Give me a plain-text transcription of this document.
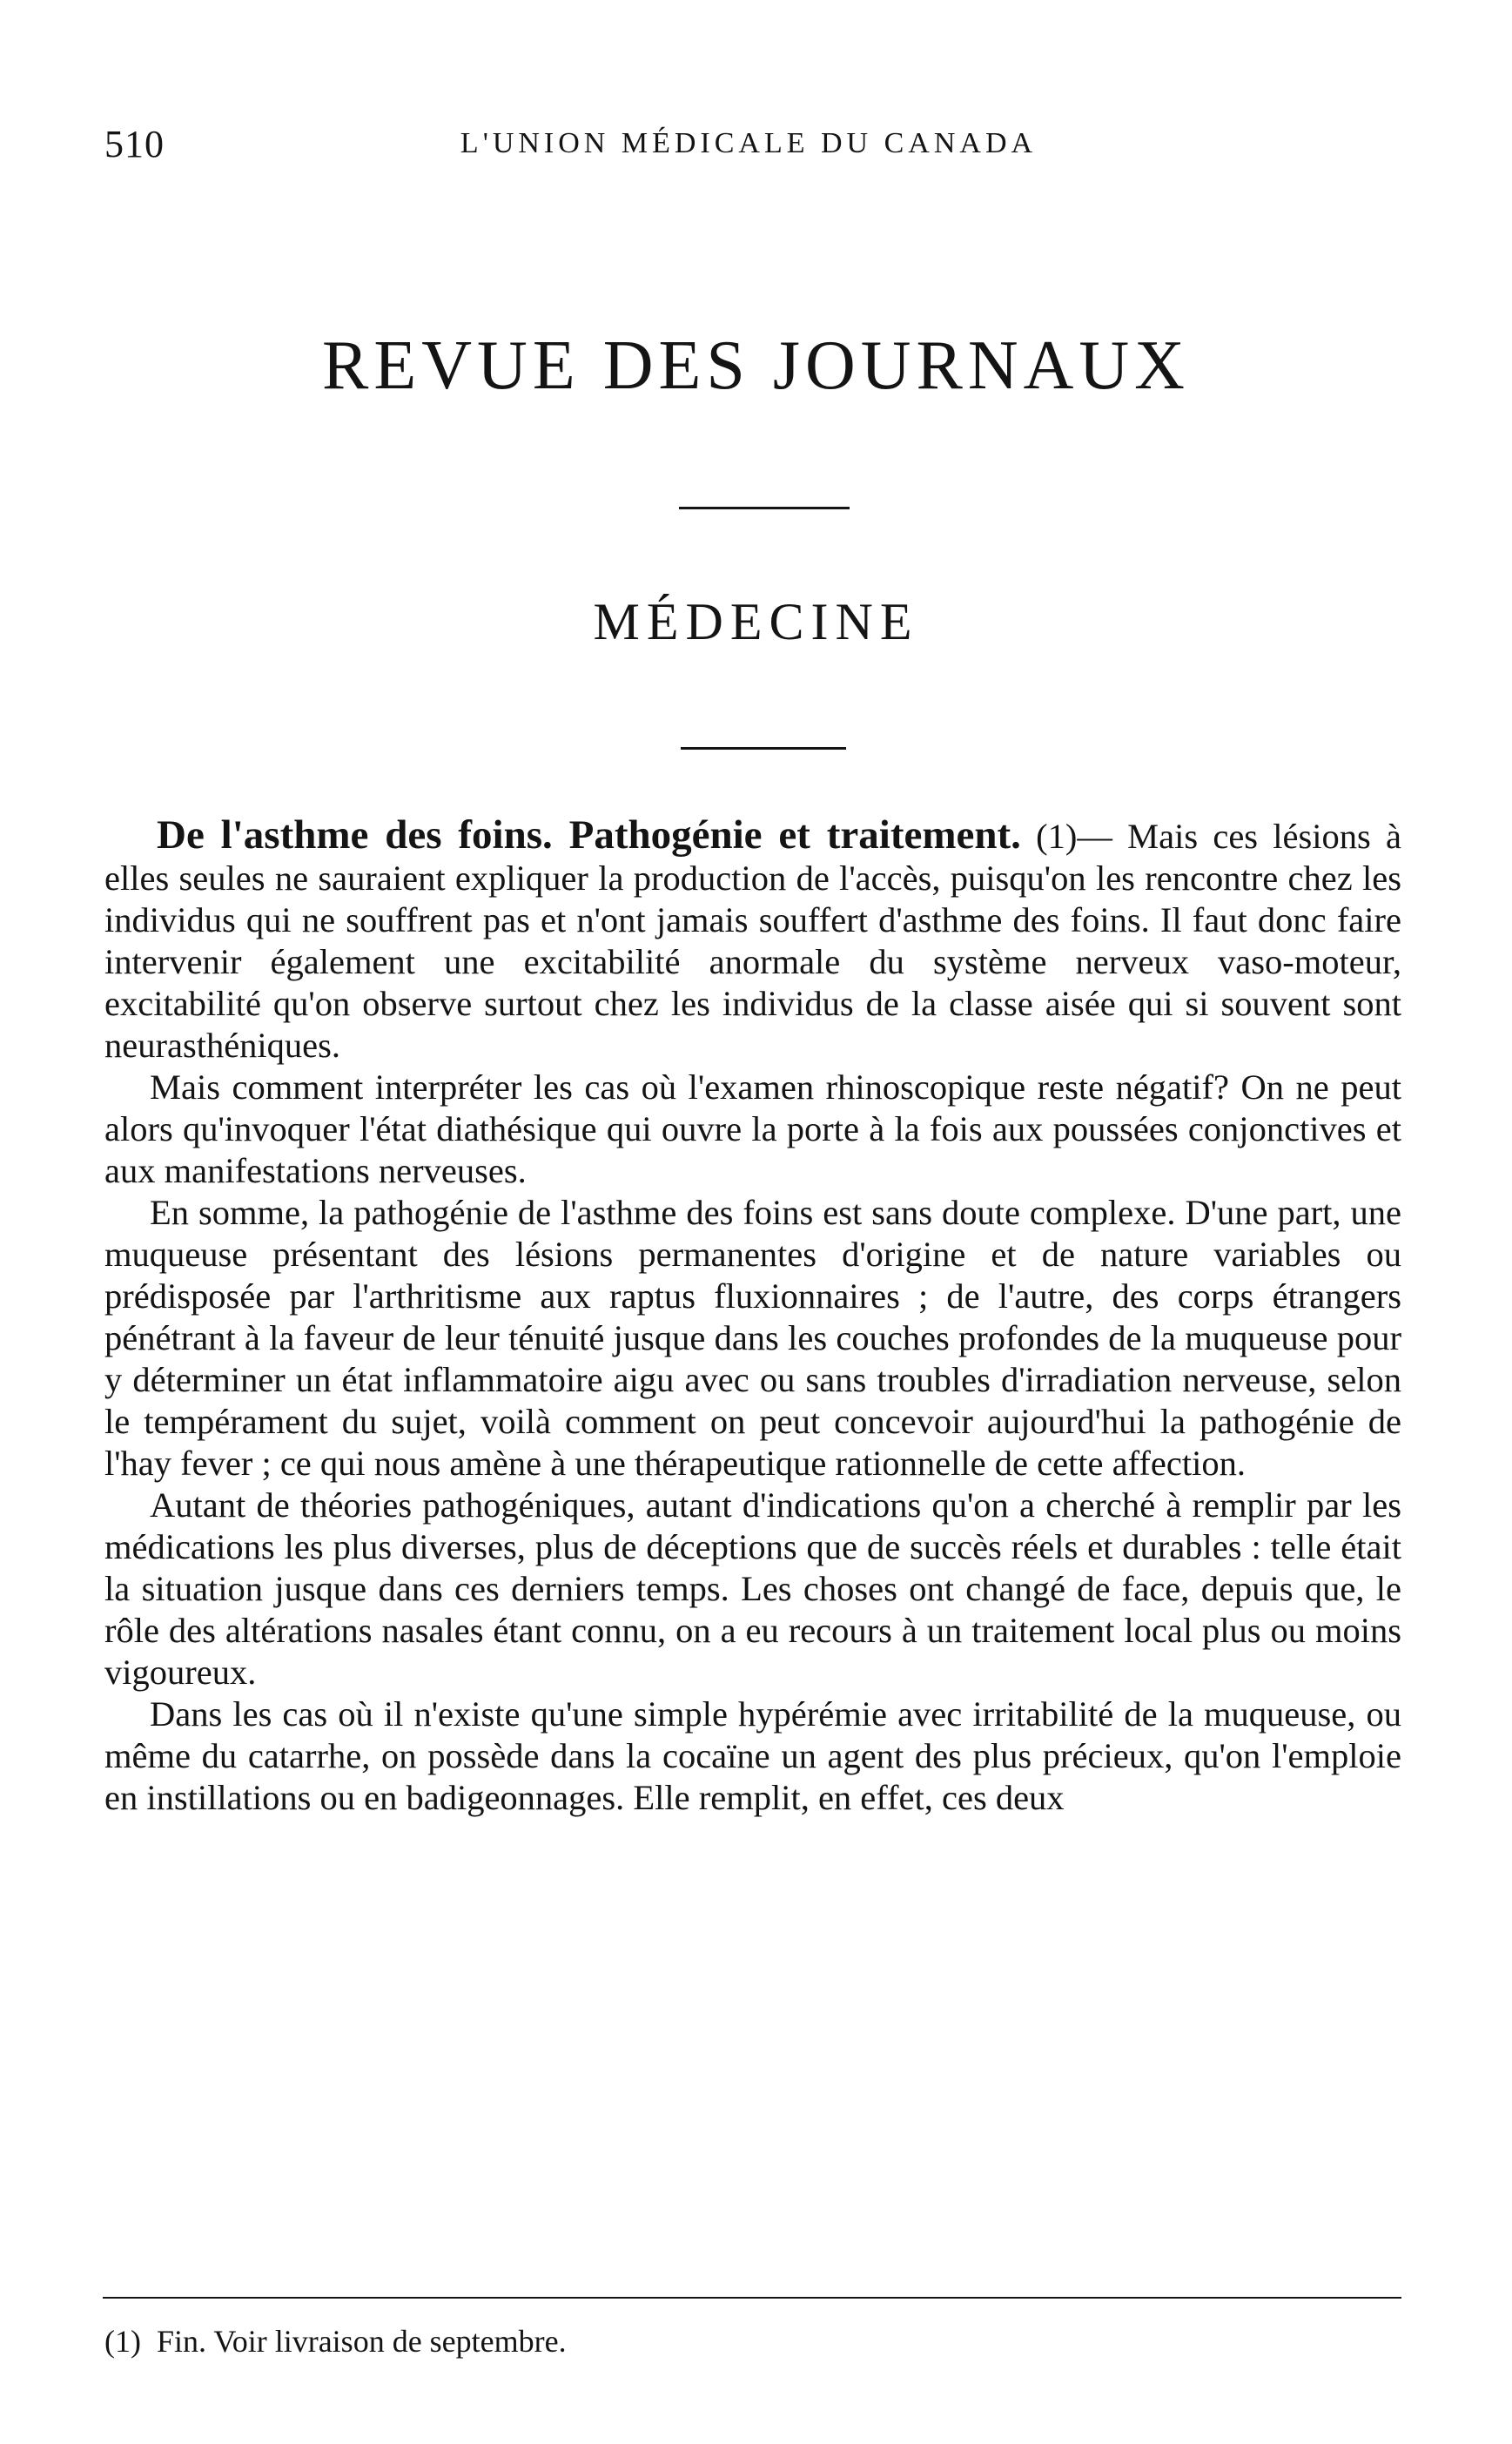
510	L'UNION MÉDICALE DU CANADA
REVUE DES JOURNAUX
MÉDECINE

De l'asthme des foins. Pathogénie et traitement. (1)— Mais ces lésions à elles seules ne sauraient expliquer la production de l'accès, puisqu'on les rencontre chez les individus qui ne souffrent pas et n'ont jamais souffert d'asthme des foins. Il faut donc faire intervenir également une excitabilité anormale du système nerveux vaso-moteur, excitabilité qu'on observe surtout chez les individus de la classe aisée qui si souvent sont neurasthéniques.

Mais comment interpréter les cas où l'examen rhinoscopique reste négatif? On ne peut alors qu'invoquer l'état diathésique qui ouvre la porte à la fois aux poussées conjonctives et aux manifestations nerveuses.

En somme, la pathogénie de l'asthme des foins est sans doute complexe. D'une part, une muqueuse présentant des lésions permanentes d'origine et de nature variables ou prédisposée par l'arthritisme aux raptus fluxionnaires ; de l'autre, des corps étrangers pénétrant à la faveur de leur ténuité jusque dans les couches profondes de la muqueuse pour y déterminer un état inflammatoire aigu avec ou sans troubles d'irradiation nerveuse, selon le tempérament du sujet, voilà comment on peut concevoir aujourd'hui la pathogénie de l'hay fever ; ce qui nous amène à une thérapeutique rationnelle de cette affection.

Autant de théories pathogéniques, autant d'indications qu'on a cherché à remplir par les médications les plus diverses, plus de déceptions que de succès réels et durables : telle était la situation jusque dans ces derniers temps. Les choses ont changé de face, depuis que, le rôle des altérations nasales étant connu, on a eu recours à un traitement local plus ou moins vigoureux.

Dans les cas où il n'existe qu'une simple hypérémie avec irritabilité de la muqueuse, ou même du catarrhe, on possède dans la cocaïne un agent des plus précieux, qu'on l'emploie en instillations ou en badigeonnages. Elle remplit, en effet, ces deux

(1) Fin. Voir livraison de septembre.
